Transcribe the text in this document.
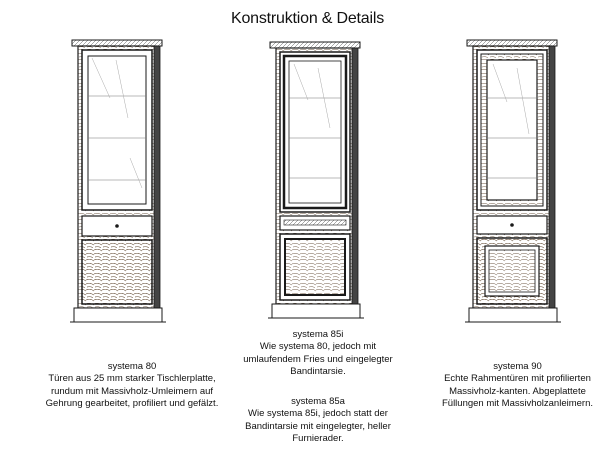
Konstruktion & Details
systema 80
Türen aus 25 mm starker Tischlerplatte,
rundum mit Massivholz-Umleimern auf
Gehrung gearbeitet, profiliert und gefälzt.
systema 85i
Wie systema 80, jedoch mit
umlaufendem Fries und eingelegter
Bandintarsie.
systema 85a
Wie systema 85i, jedoch statt der
Bandintarsie mit eingelegter, heller
Furnierader.
systema 90
Echte Rahmentüren mit profilierten
Massivholz-kanten. Abgeplattete
Füllungen mit Massivholzanleimern.
